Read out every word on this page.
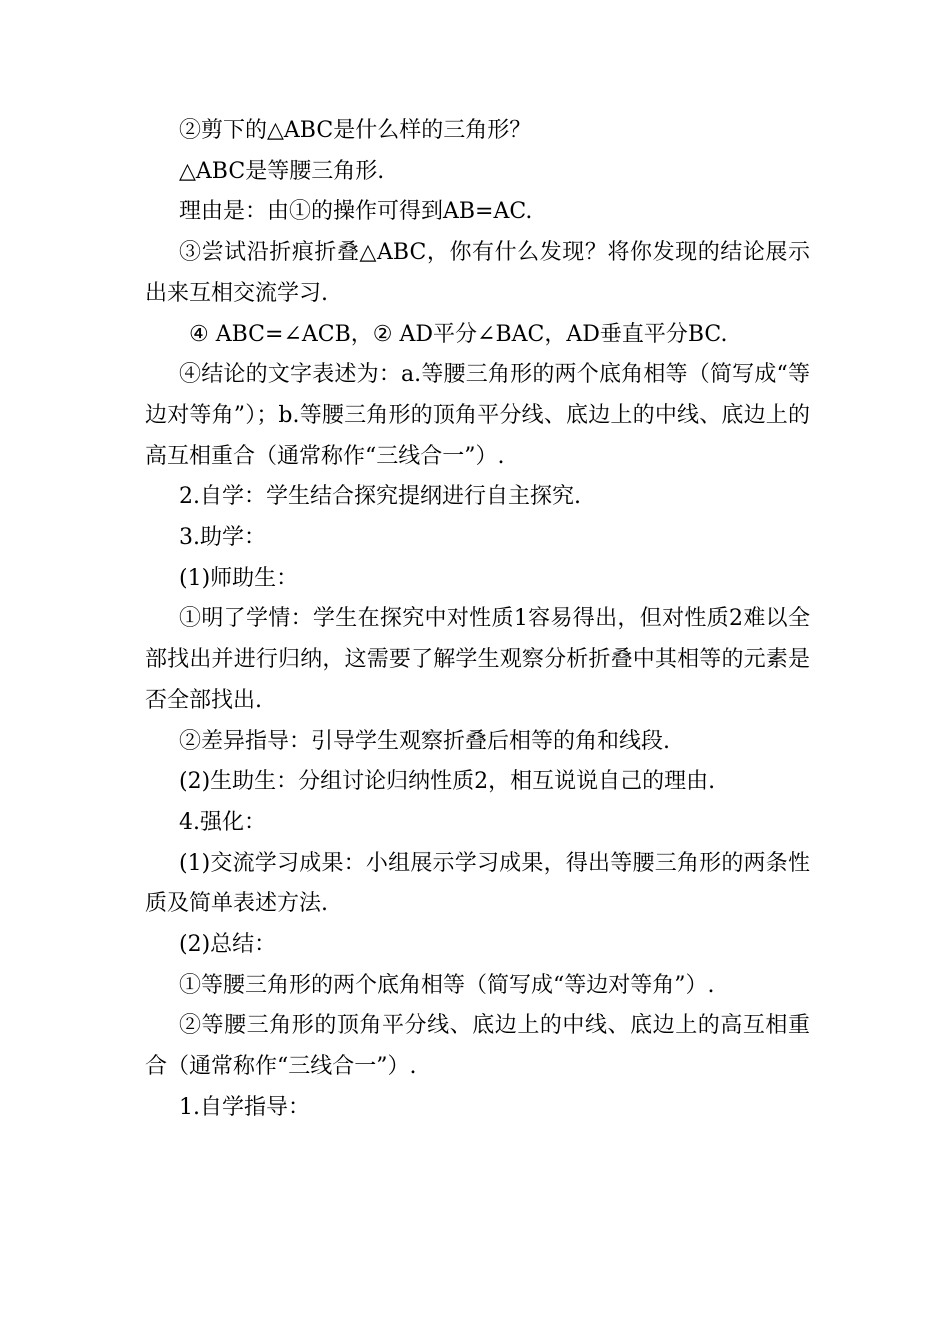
②剪下的△ABC是什么样的三角形？

△ABC是等腰三角形.

理由是：由①的操作可得到AB=AC.

③尝试沿折痕折叠△ABC，你有什么发现？将你发现的结论展示出来互相交流学习.

④ ABC=∠ACB，② AD平分∠BAC，AD垂直平分BC.

④结论的文字表述为：a.等腰三角形的两个底角相等（简写成“等边对等角”）；b.等腰三角形的顶角平分线、底边上的中线、底边上的高互相重合（通常称作“三线合一”）.

2.自学：学生结合探究提纲进行自主探究.

3.助学：

(1)师助生：

①明了学情：学生在探究中对性质1容易得出，但对性质2难以全部找出并进行归纳，这需要了解学生观察分析折叠中其相等的元素是否全部找出.

②差异指导：引导学生观察折叠后相等的角和线段.

(2)生助生：分组讨论归纳性质2，相互说说自己的理由.

4.强化：

(1)交流学习成果：小组展示学习成果，得出等腰三角形的两条性质及简单表述方法.

(2)总结：

①等腰三角形的两个底角相等（简写成“等边对等角”）.

②等腰三角形的顶角平分线、底边上的中线、底边上的高互相重合（通常称作“三线合一”）.

1.自学指导：
